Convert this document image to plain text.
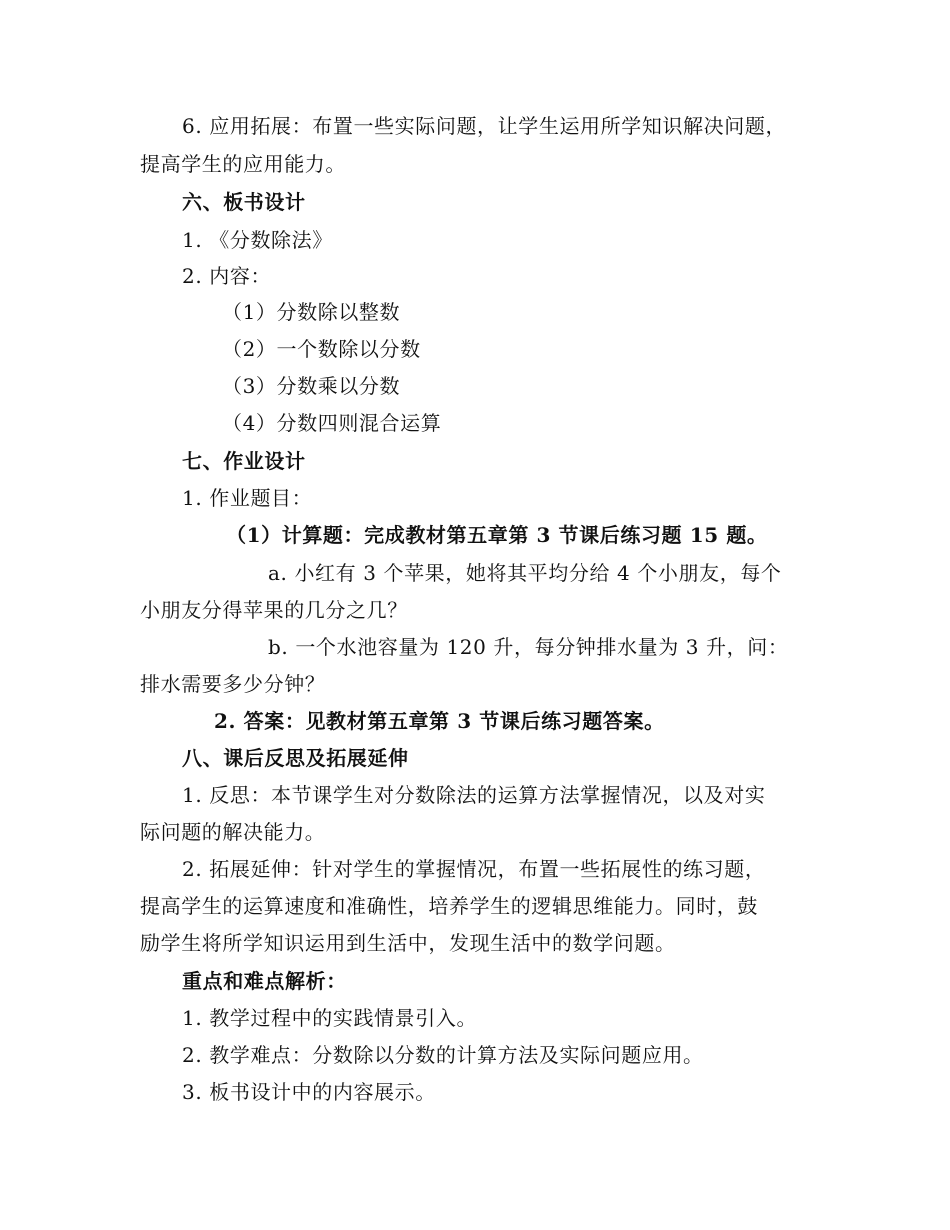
6. 应用拓展：布置一些实际问题，让学生运用所学知识解决问题，
提高学生的应用能力。
六、板书设计
1. 《分数除法》
2. 内容：
（1）分数除以整数
（2）一个数除以分数
（3）分数乘以分数
（4）分数四则混合运算
七、作业设计
1. 作业题目：
（1）计算题：完成教材第五章第 3 节课后练习题 15 题。
a. 小红有 3 个苹果，她将其平均分给 4 个小朋友，每个
小朋友分得苹果的几分之几？
b. 一个水池容量为 120 升，每分钟排水量为 3 升，问：
排水需要多少分钟？
2. 答案：见教材第五章第 3 节课后练习题答案。
八、课后反思及拓展延伸
1. 反思：本节课学生对分数除法的运算方法掌握情况，以及对实
际问题的解决能力。
2. 拓展延伸：针对学生的掌握情况，布置一些拓展性的练习题，
提高学生的运算速度和准确性，培养学生的逻辑思维能力。同时，鼓
励学生将所学知识运用到生活中，发现生活中的数学问题。
重点和难点解析：
1. 教学过程中的实践情景引入。
2. 教学难点：分数除以分数的计算方法及实际问题应用。
3. 板书设计中的内容展示。
